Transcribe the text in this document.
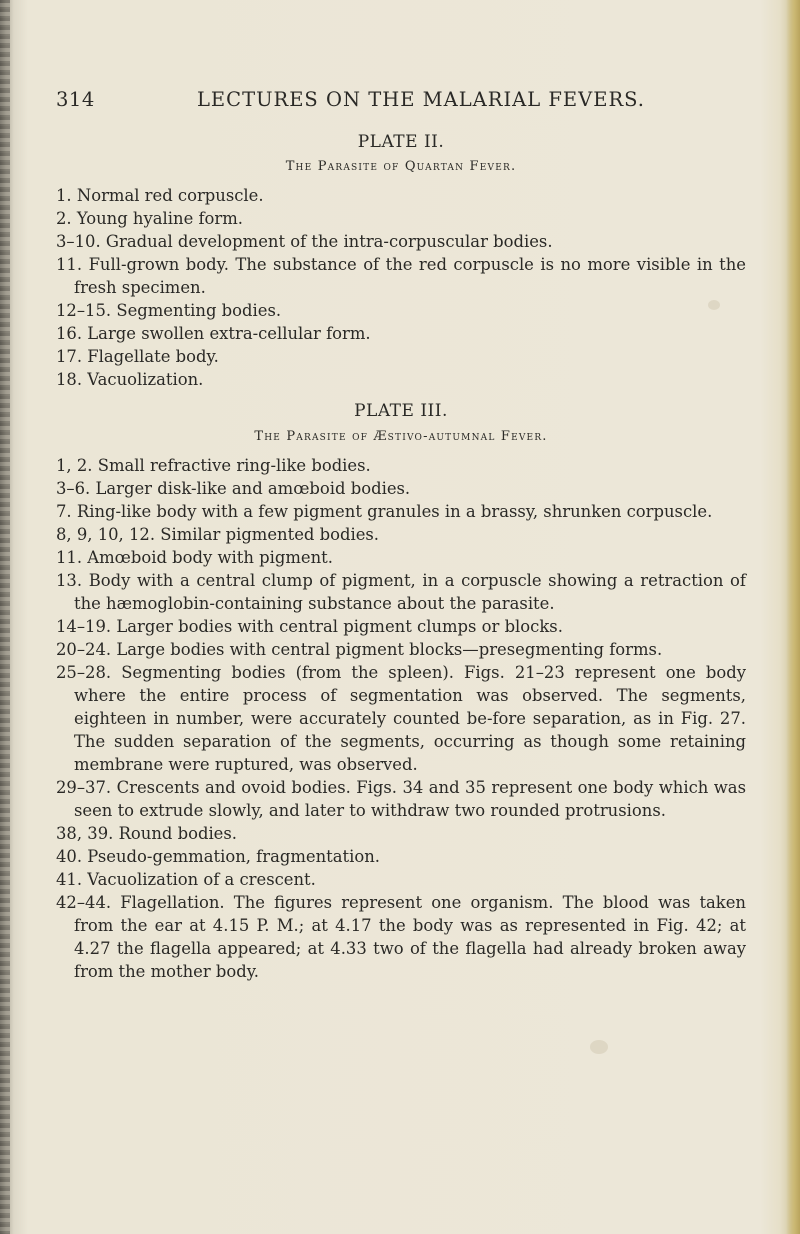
314	LECTURES ON THE MALARIAL FEVERS.
PLATE II.
The Parasite of Quartan Fever.
1. Normal red corpuscle.
2. Young hyaline form.
3–10. Gradual development of the intra-corpuscular bodies.
11. Full-grown body. The substance of the red corpuscle is no more visible in the fresh specimen.
12–15. Segmenting bodies.
16. Large swollen extra-cellular form.
17. Flagellate body.
18. Vacuolization.
PLATE III.
The Parasite of Æstivo-autumnal Fever.
1, 2. Small refractive ring-like bodies.
3–6. Larger disk-like and amœboid bodies.
7. Ring-like body with a few pigment granules in a brassy, shrunken corpuscle.
8, 9, 10, 12. Similar pigmented bodies.
11. Amœboid body with pigment.
13. Body with a central clump of pigment, in a corpuscle showing a retraction of the hæmoglobin-containing substance about the parasite.
14–19. Larger bodies with central pigment clumps or blocks.
20–24. Large bodies with central pigment blocks—presegmenting forms.
25–28. Segmenting bodies (from the spleen). Figs. 21–23 represent one body where the entire process of segmentation was observed. The segments, eighteen in number, were accurately counted be-fore separation, as in Fig. 27. The sudden separation of the segments, occurring as though some retaining membrane were ruptured, was observed.
29–37. Crescents and ovoid bodies. Figs. 34 and 35 represent one body which was seen to extrude slowly, and later to withdraw two rounded protrusions.
38, 39. Round bodies.
40. Pseudo-gemmation, fragmentation.
41. Vacuolization of a crescent.
42–44. Flagellation. The figures represent one organism. The blood was taken from the ear at 4.15 P. M.; at 4.17 the body was as represented in Fig. 42; at 4.27 the flagella appeared; at 4.33 two of the flagella had already broken away from the mother body.
